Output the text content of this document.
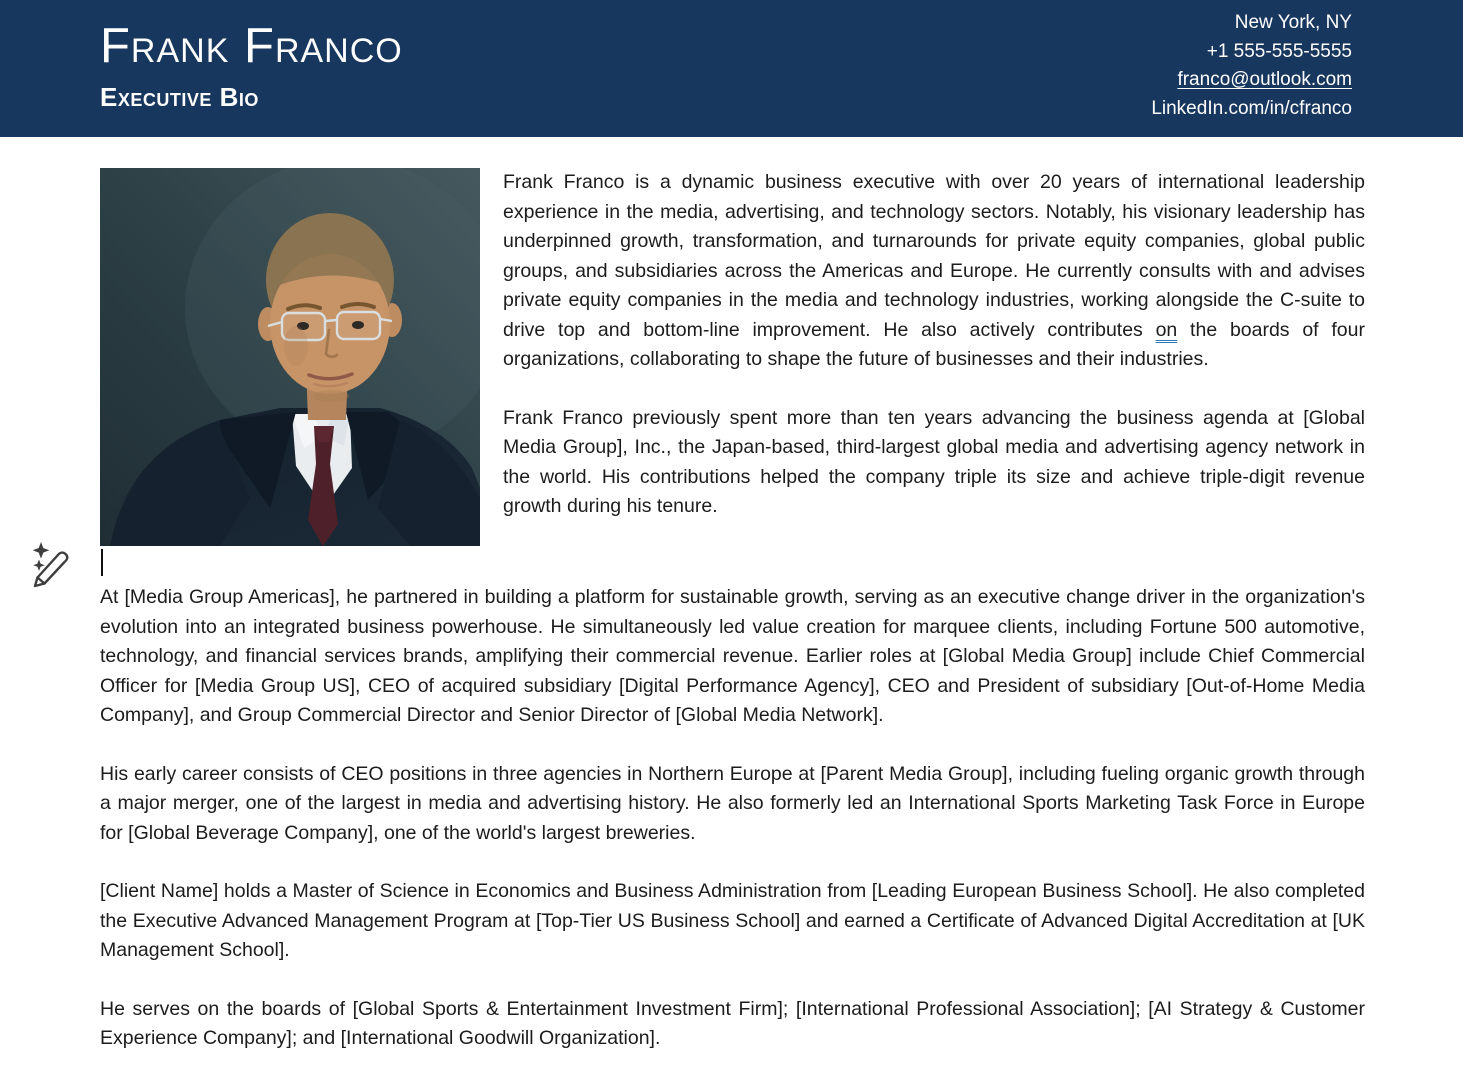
Frank Franco
Executive Bio
New York, NY
+1 555-555-5555
franco@outlook.com
LinkedIn.com/in/cfranco

Frank Franco is a dynamic business executive with over 20 years of international leadership experience in the media, advertising, and technology sectors. Notably, his visionary leadership has underpinned growth, transformation, and turnarounds for private equity companies, global public groups, and subsidiaries across the Americas and Europe. He currently consults with and advises private equity companies in the media and technology industries, working alongside the C-suite to drive top and bottom-line improvement. He also actively contributes on the boards of four organizations, collaborating to shape the future of businesses and their industries.

Frank Franco previously spent more than ten years advancing the business agenda at [Global Media Group], Inc., the Japan-based, third-largest global media and advertising agency network in the world. His contributions helped the company triple its size and achieve triple-digit revenue growth during his tenure.

At [Media Group Americas], he partnered in building a platform for sustainable growth, serving as an executive change driver in the organization's evolution into an integrated business powerhouse. He simultaneously led value creation for marquee clients, including Fortune 500 automotive, technology, and financial services brands, amplifying their commercial revenue. Earlier roles at [Global Media Group] include Chief Commercial Officer for [Media Group US], CEO of acquired subsidiary [Digital Performance Agency], CEO and President of subsidiary [Out-of-Home Media Company], and Group Commercial Director and Senior Director of [Global Media Network].

His early career consists of CEO positions in three agencies in Northern Europe at [Parent Media Group], including fueling organic growth through a major merger, one of the largest in media and advertising history. He also formerly led an International Sports Marketing Task Force in Europe for [Global Beverage Company], one of the world's largest breweries.

[Client Name] holds a Master of Science in Economics and Business Administration from [Leading European Business School]. He also completed the Executive Advanced Management Program at [Top-Tier US Business School] and earned a Certificate of Advanced Digital Accreditation at [UK Management School].

He serves on the boards of [Global Sports & Entertainment Investment Firm]; [International Professional Association]; [AI Strategy & Customer Experience Company]; and [International Goodwill Organization].
